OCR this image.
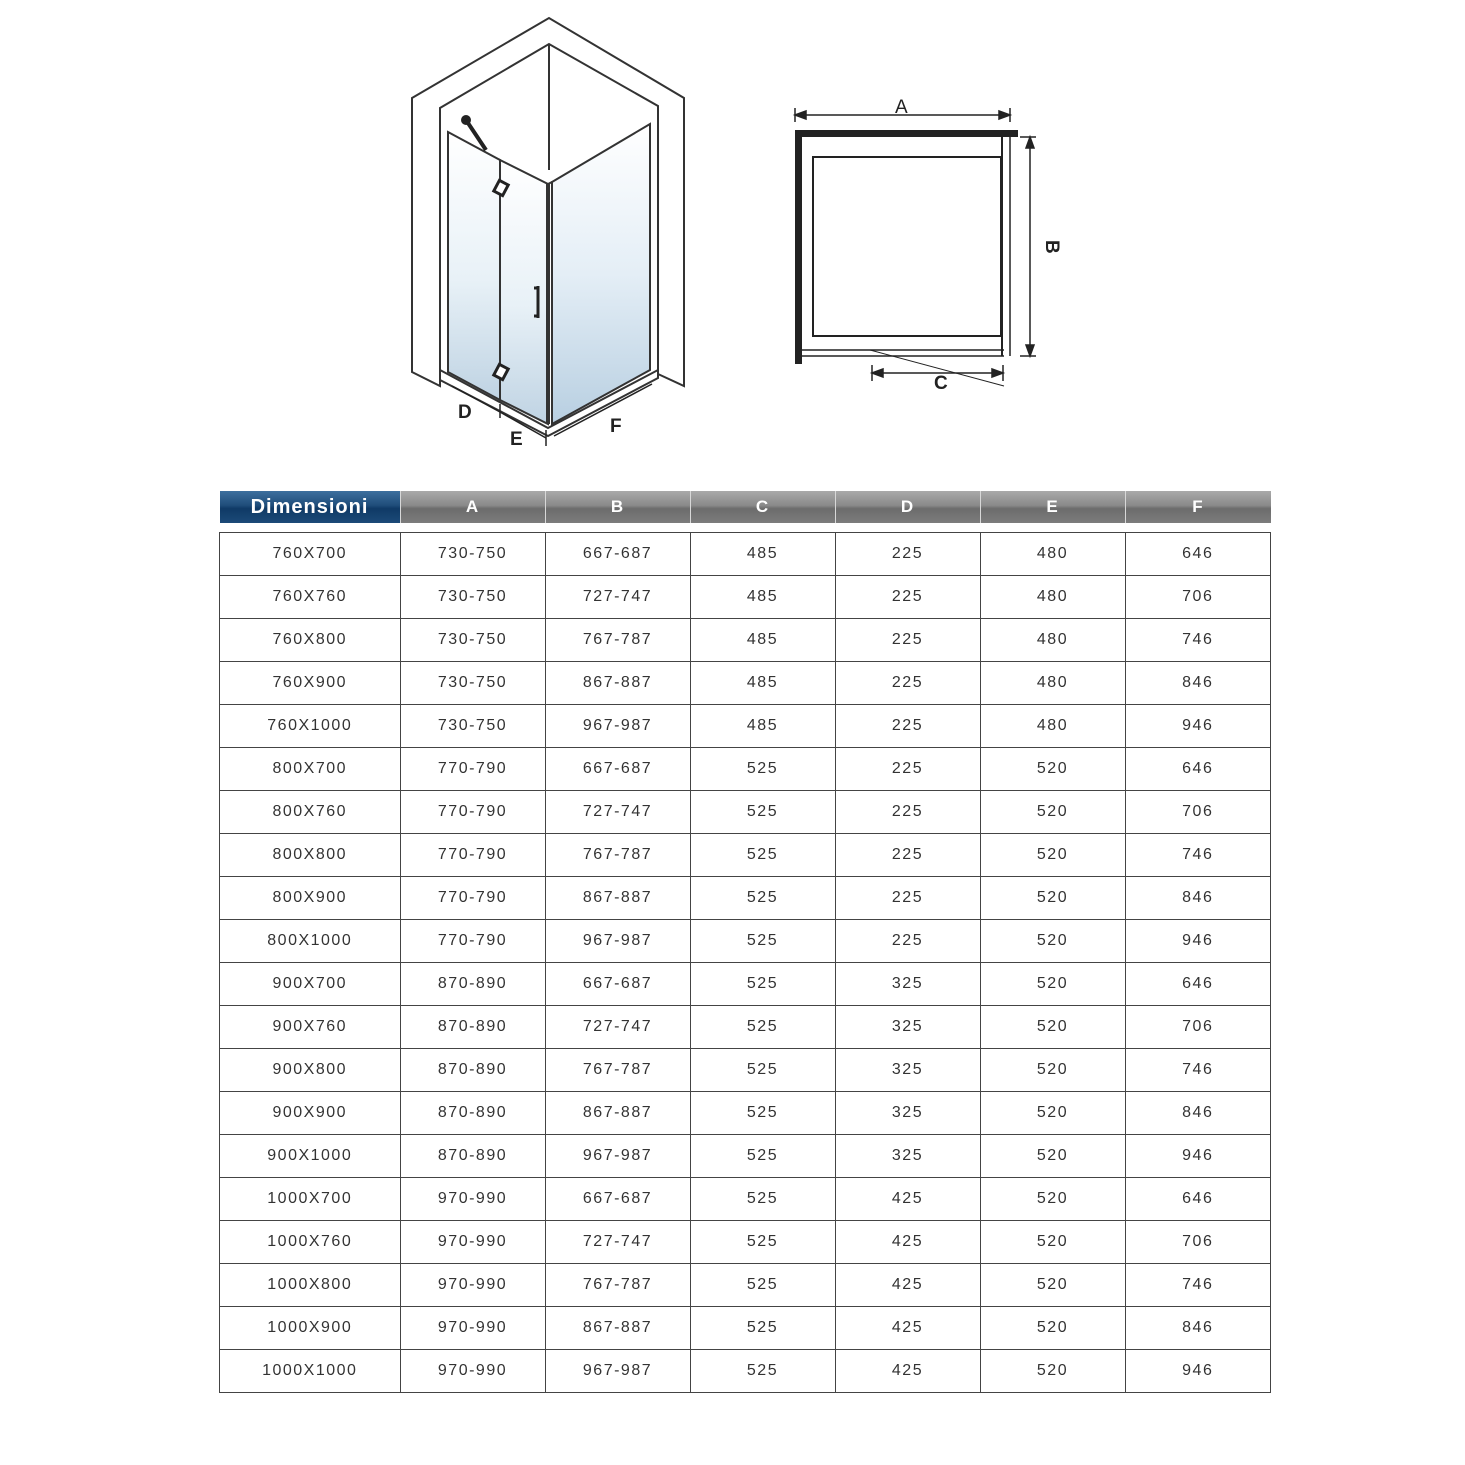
D
E
F
A
B
C
Dimensioni	A	B	C	D	E	F

760X700	730-750	667-687	485	225	480	646
760X760	730-750	727-747	485	225	480	706
760X800	730-750	767-787	485	225	480	746
760X900	730-750	867-887	485	225	480	846
760X1000	730-750	967-987	485	225	480	946
800X700	770-790	667-687	525	225	520	646
800X760	770-790	727-747	525	225	520	706
800X800	770-790	767-787	525	225	520	746
800X900	770-790	867-887	525	225	520	846
800X1000	770-790	967-987	525	225	520	946
900X700	870-890	667-687	525	325	520	646
900X760	870-890	727-747	525	325	520	706
900X800	870-890	767-787	525	325	520	746
900X900	870-890	867-887	525	325	520	846
900X1000	870-890	967-987	525	325	520	946
1000X700	970-990	667-687	525	425	520	646
1000X760	970-990	727-747	525	425	520	706
1000X800	970-990	767-787	525	425	520	746
1000X900	970-990	867-887	525	425	520	846
1000X1000	970-990	967-987	525	425	520	946
